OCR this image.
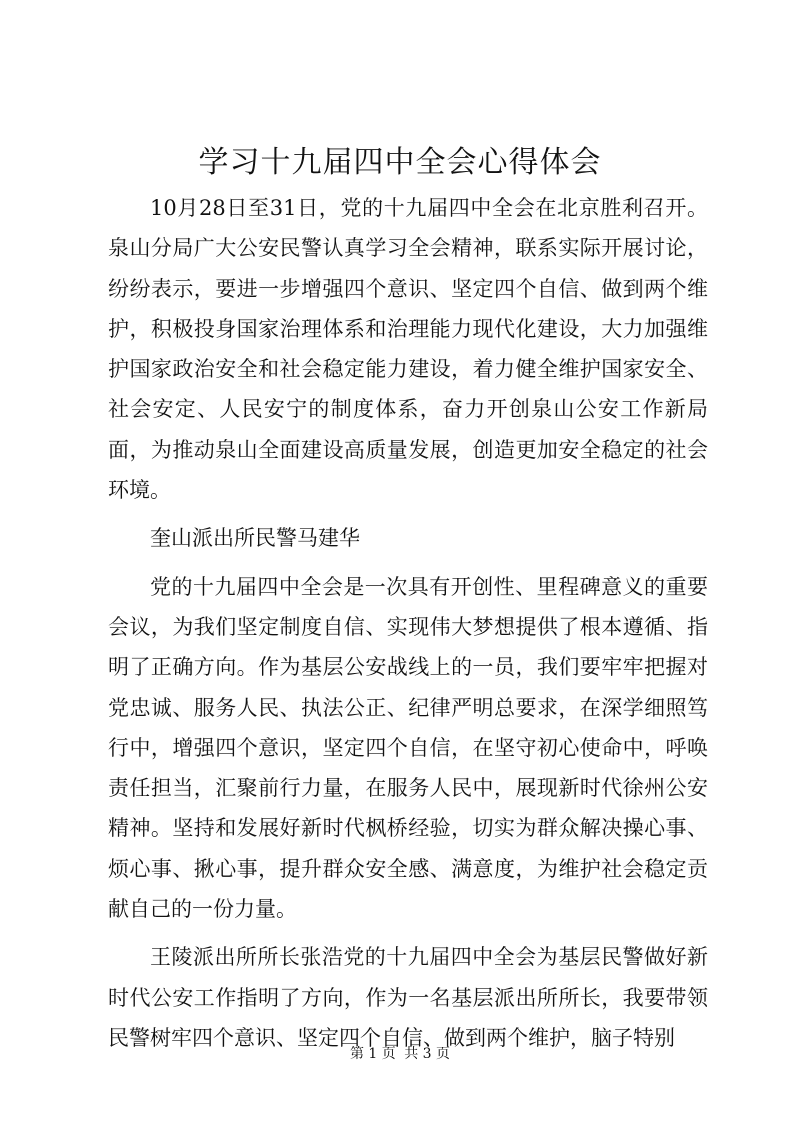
学习十九届四中全会心得体会

10月28日至31日，党的十九届四中全会在北京胜利召开。泉山分局广大公安民警认真学习全会精神，联系实际开展讨论，纷纷表示，要进一步增强四个意识、坚定四个自信、做到两个维护，积极投身国家治理体系和治理能力现代化建设，大力加强维护国家政治安全和社会稳定能力建设，着力健全维护国家安全、社会安定、人民安宁的制度体系，奋力开创泉山公安工作新局面，为推动泉山全面建设高质量发展，创造更加安全稳定的社会环境。

奎山派出所民警马建华

党的十九届四中全会是一次具有开创性、里程碑意义的重要会议，为我们坚定制度自信、实现伟大梦想提供了根本遵循、指明了正确方向。作为基层公安战线上的一员，我们要牢牢把握对党忠诚、服务人民、执法公正、纪律严明总要求，在深学细照笃行中，增强四个意识，坚定四个自信，在坚守初心使命中，呼唤责任担当，汇聚前行力量，在服务人民中，展现新时代徐州公安精神。坚持和发展好新时代枫桥经验，切实为群众解决操心事、烦心事、揪心事，提升群众安全感、满意度，为维护社会稳定贡献自己的一份力量。

王陵派出所所长张浩党的十九届四中全会为基层民警做好新时代公安工作指明了方向，作为一名基层派出所所长，我要带领民警树牢四个意识、坚定四个自信、做到两个维护，脑子特别

第 1 页 共 3 页
